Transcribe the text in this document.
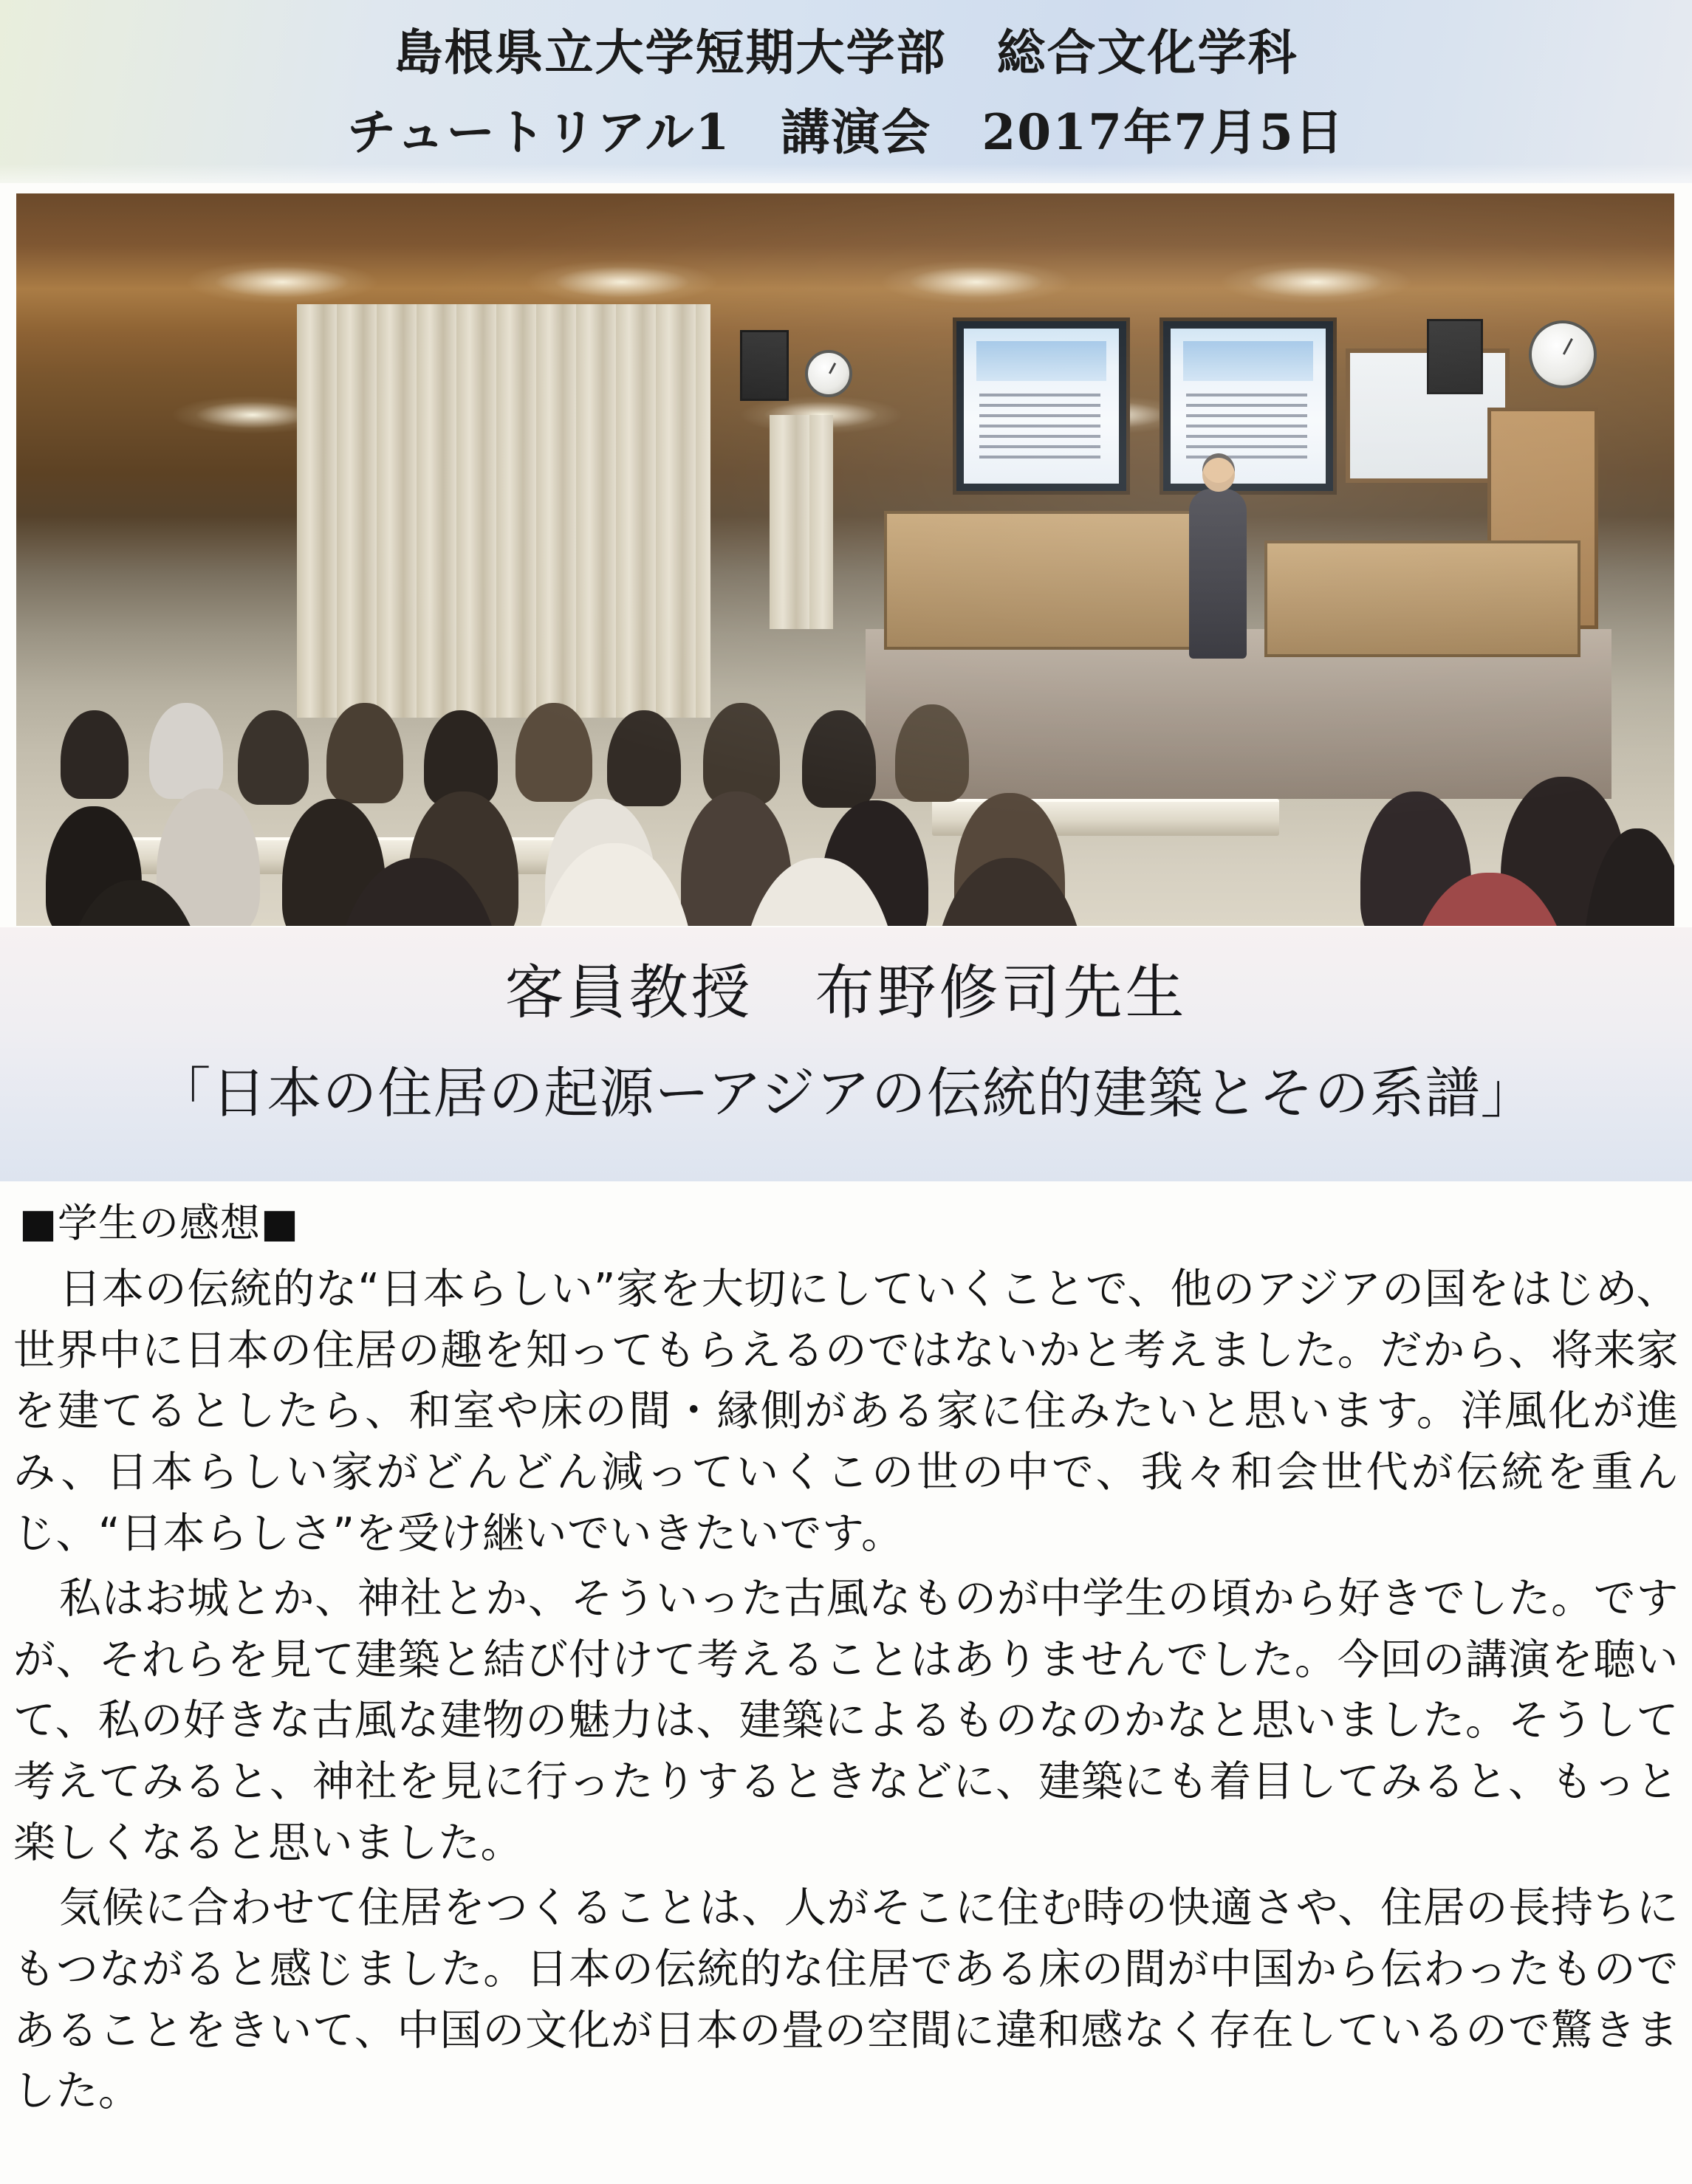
島根県立大学短期大学部　総合文化学科
チュートリアル1　講演会　2017年7月5日
客員教授　布野修司先生
「日本の住居の起源ーアジアの伝統的建築とその系譜」
■学生の感想■

日本の伝統的な“日本らしい”家を大切にしていくことで、他のアジアの国をはじめ、世界中に日本の住居の趣を知ってもらえるのではないかと考えました。だから、将来家を建てるとしたら、和室や床の間・縁側がある家に住みたいと思います。洋風化が進み、日本らしい家がどんどん減っていくこの世の中で、我々和会世代が伝統を重んじ、“日本らしさ”を受け継いでいきたいです。

私はお城とか、神社とか、そういった古風なものが中学生の頃から好きでした。ですが、それらを見て建築と結び付けて考えることはありませんでした。今回の講演を聴いて、私の好きな古風な建物の魅力は、建築によるものなのかなと思いました。そうして考えてみると、神社を見に行ったりするときなどに、建築にも着目してみると、もっと楽しくなると思いました。

気候に合わせて住居をつくることは、人がそこに住む時の快適さや、住居の長持ちにもつながると感じました。日本の伝統的な住居である床の間が中国から伝わったものであることをきいて、中国の文化が日本の畳の空間に違和感なく存在しているので驚きました。
